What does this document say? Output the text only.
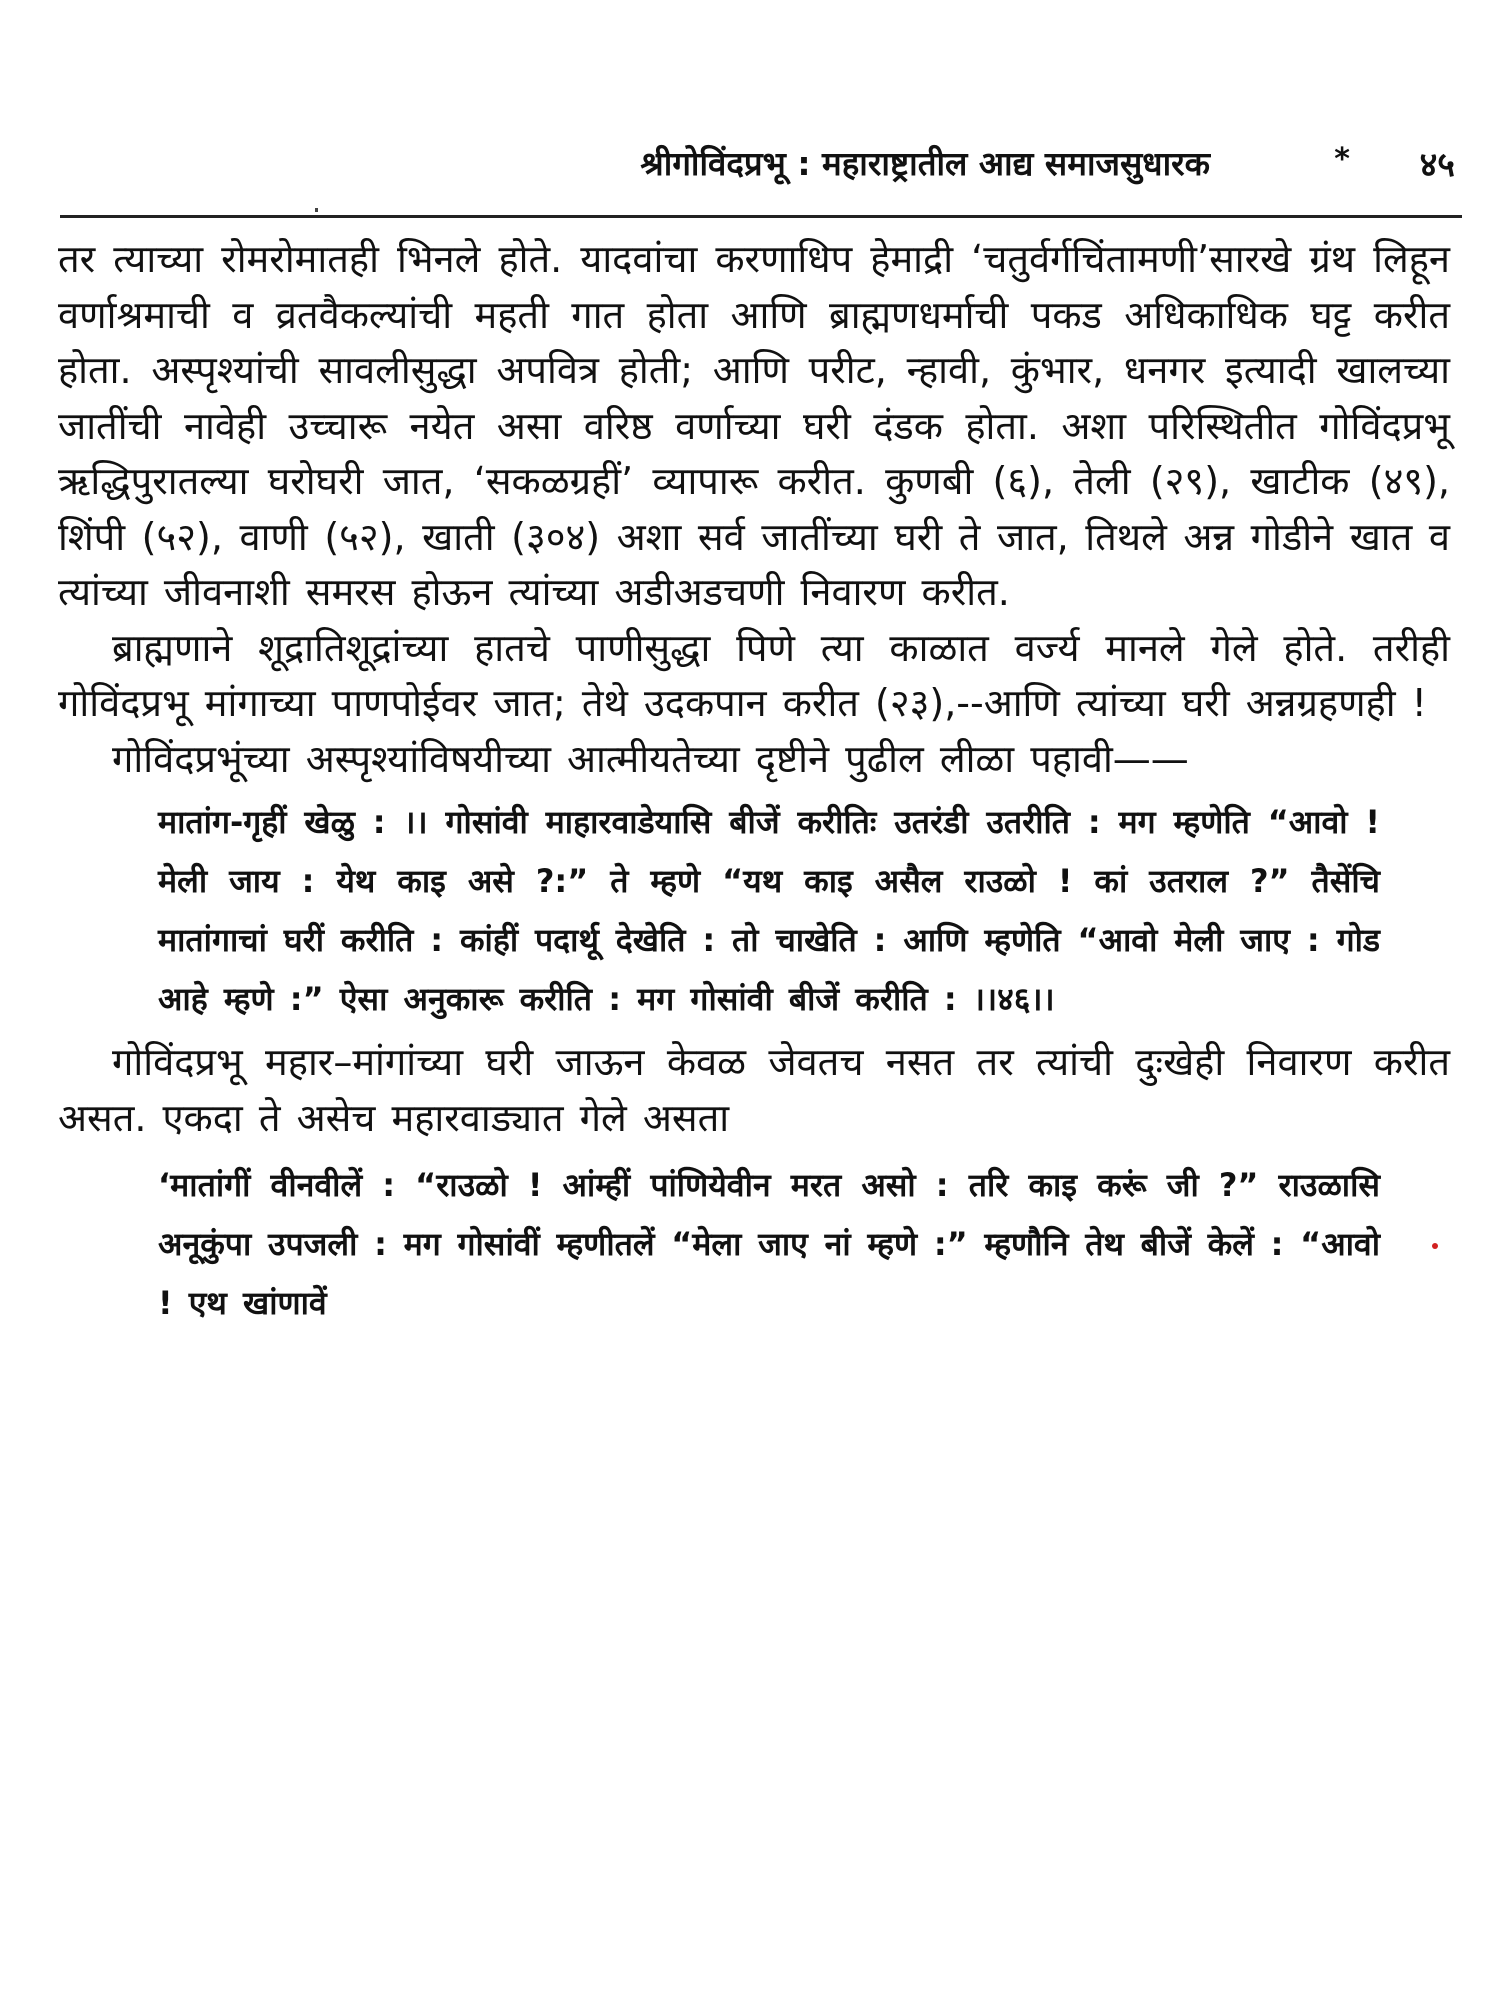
श्रीगोविंदप्रभू : महाराष्ट्रातील आद्य समाजसुधारक	* ४५

तर त्याच्या रोमरोमातही भिनले होते. यादवांचा करणाधिप हेमाद्री ‘चतुर्वर्गचिंतामणी’सारखे ग्रंथ लिहून वर्णाश्रमाची व व्रतवैकल्यांची महती गात होता आणि ब्राह्मणधर्माची पकड अधिकाधिक घट्ट करीत होता. अस्पृश्यांची सावलीसुद्धा अपवित्र होती; आणि परीट, न्हावी, कुंभार, धनगर इत्यादी खालच्या जातींची नावेही उच्चारू नयेत असा वरिष्ठ वर्णाच्या घरी दंडक होता. अशा परिस्थितीत गोविंदप्रभू ऋद्धिपुरातल्या घरोघरी जात, ‘सकळग्रहीं’ व्यापारू करीत. कुणबी (६), तेली (२९), खाटीक (४९), शिंपी (५२), वाणी (५२), खाती (३०४) अशा सर्व जातींच्या घरी ते जात, तिथले अन्न गोडीने खात व त्यांच्या जीवनाशी समरस होऊन त्यांच्या अडीअडचणी निवारण करीत.

ब्राह्मणाने शूद्रातिशूद्रांच्या हातचे पाणीसुद्धा पिणे त्या काळात वर्ज्य मानले गेले होते. तरीही गोविंदप्रभू मांगाच्या पाणपोईवर जात; तेथे उदकपान करीत (२३),--आणि त्यांच्या घरी अन्नग्रहणही !

गोविंदप्रभूंच्या अस्पृश्यांविषयीच्या आत्मीयतेच्या दृष्टीने पुढील लीळा पहावी——

मातांग-गृहीं खेळु : ।। गोसांवी माहारवाडेयासि बीजें करीतिः उतरंडी उतरीति : मग म्हणेति “आवो ! मेली जाय : येथ काइ असे ?:” ते म्हणे “यथ काइ असैल राउळो ! कां उतराल ?” तैसेंचि मातांगाचां घरीं करीति : कांहीं पदार्थू देखेति : तो चाखेति : आणि म्हणेति “आवो मेली जाए : गोड आहे म्हणे :” ऐसा अनुकारू करीति : मग गोसांवी बीजें करीति : ।।४६।।

गोविंदप्रभू महार–मांगांच्या घरी जाऊन केवळ जेवतच नसत तर त्यांची दुःखेही निवारण करीत असत. एकदा ते असेच महारवाड्यात गेले असता

‘मातांगीं वीनवीलें : “राउळो ! आंम्हीं पांणियेवीन मरत असो : तरि काइ करूं जी ?” राउळासि अनूकुंपा उपजली : मग गोसांवीं म्हणीतलें “मेला जाए नां म्हणे :” म्हणौनि तेथ बीजें केलें : “आवो ! एथ खांणावें
